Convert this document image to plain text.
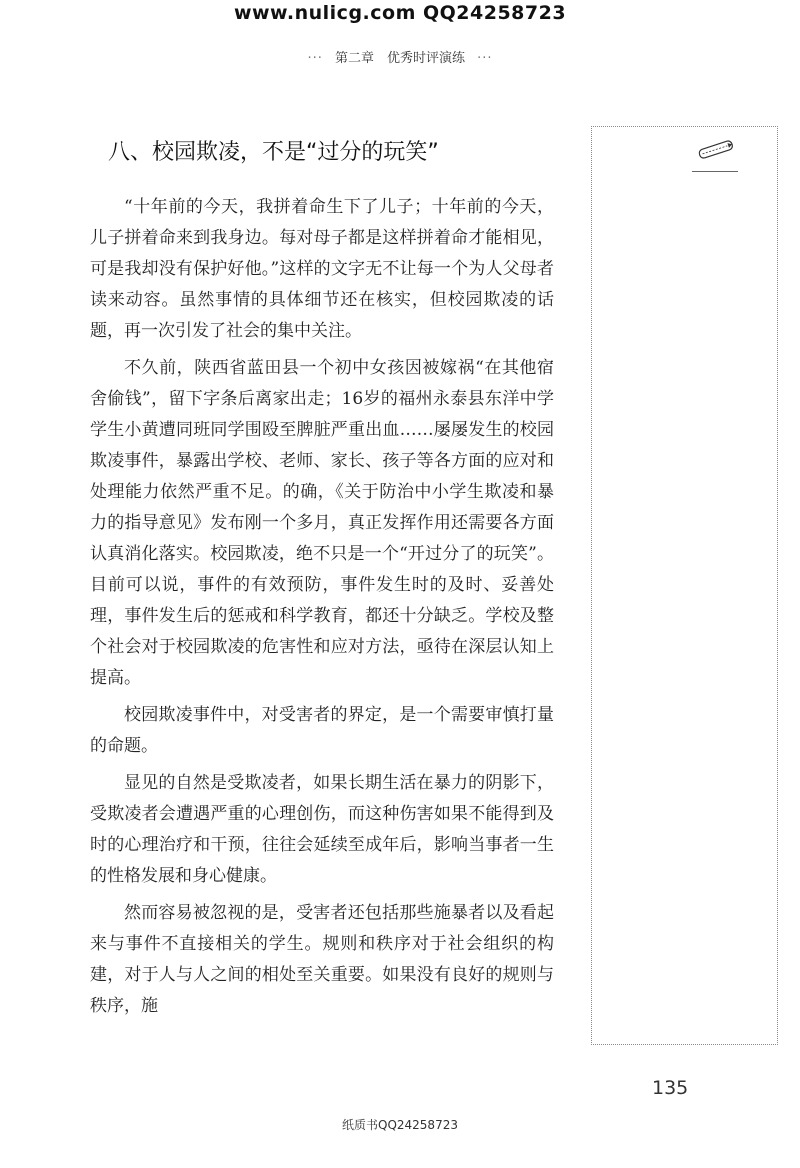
www.nulicg.com QQ24258723
··· 第二章　优秀时评演练 ···
八、校园欺凌，不是“过分的玩笑”

“十年前的今天，我拼着命生下了儿子；十年前的今天，儿子拼着命来到我身边。每对母子都是这样拼着命才能相见，可是我却没有保护好他。”这样的文字无不让每一个为人父母者读来动容。虽然事情的具体细节还在核实，但校园欺凌的话题，再一次引发了社会的集中关注。

不久前，陕西省蓝田县一个初中女孩因被嫁祸“在其他宿舍偷钱”，留下字条后离家出走；16岁的福州永泰县东洋中学学生小黄遭同班同学围殴至脾脏严重出血……屡屡发生的校园欺凌事件，暴露出学校、老师、家长、孩子等各方面的应对和处理能力依然严重不足。的确，《关于防治中小学生欺凌和暴力的指导意见》发布刚一个多月，真正发挥作用还需要各方面认真消化落实。校园欺凌，绝不只是一个“开过分了的玩笑”。目前可以说，事件的有效预防，事件发生时的及时、妥善处理，事件发生后的惩戒和科学教育，都还十分缺乏。学校及整个社会对于校园欺凌的危害性和应对方法，亟待在深层认知上提高。

校园欺凌事件中，对受害者的界定，是一个需要审慎打量的命题。

显见的自然是受欺凌者，如果长期生活在暴力的阴影下，受欺凌者会遭遇严重的心理创伤，而这种伤害如果不能得到及时的心理治疗和干预，往往会延续至成年后，影响当事者一生的性格发展和身心健康。

然而容易被忽视的是，受害者还包括那些施暴者以及看起来与事件不直接相关的学生。规则和秩序对于社会组织的构建，对于人与人之间的相处至关重要。如果没有良好的规则与秩序，施

135
纸质书QQ24258723
